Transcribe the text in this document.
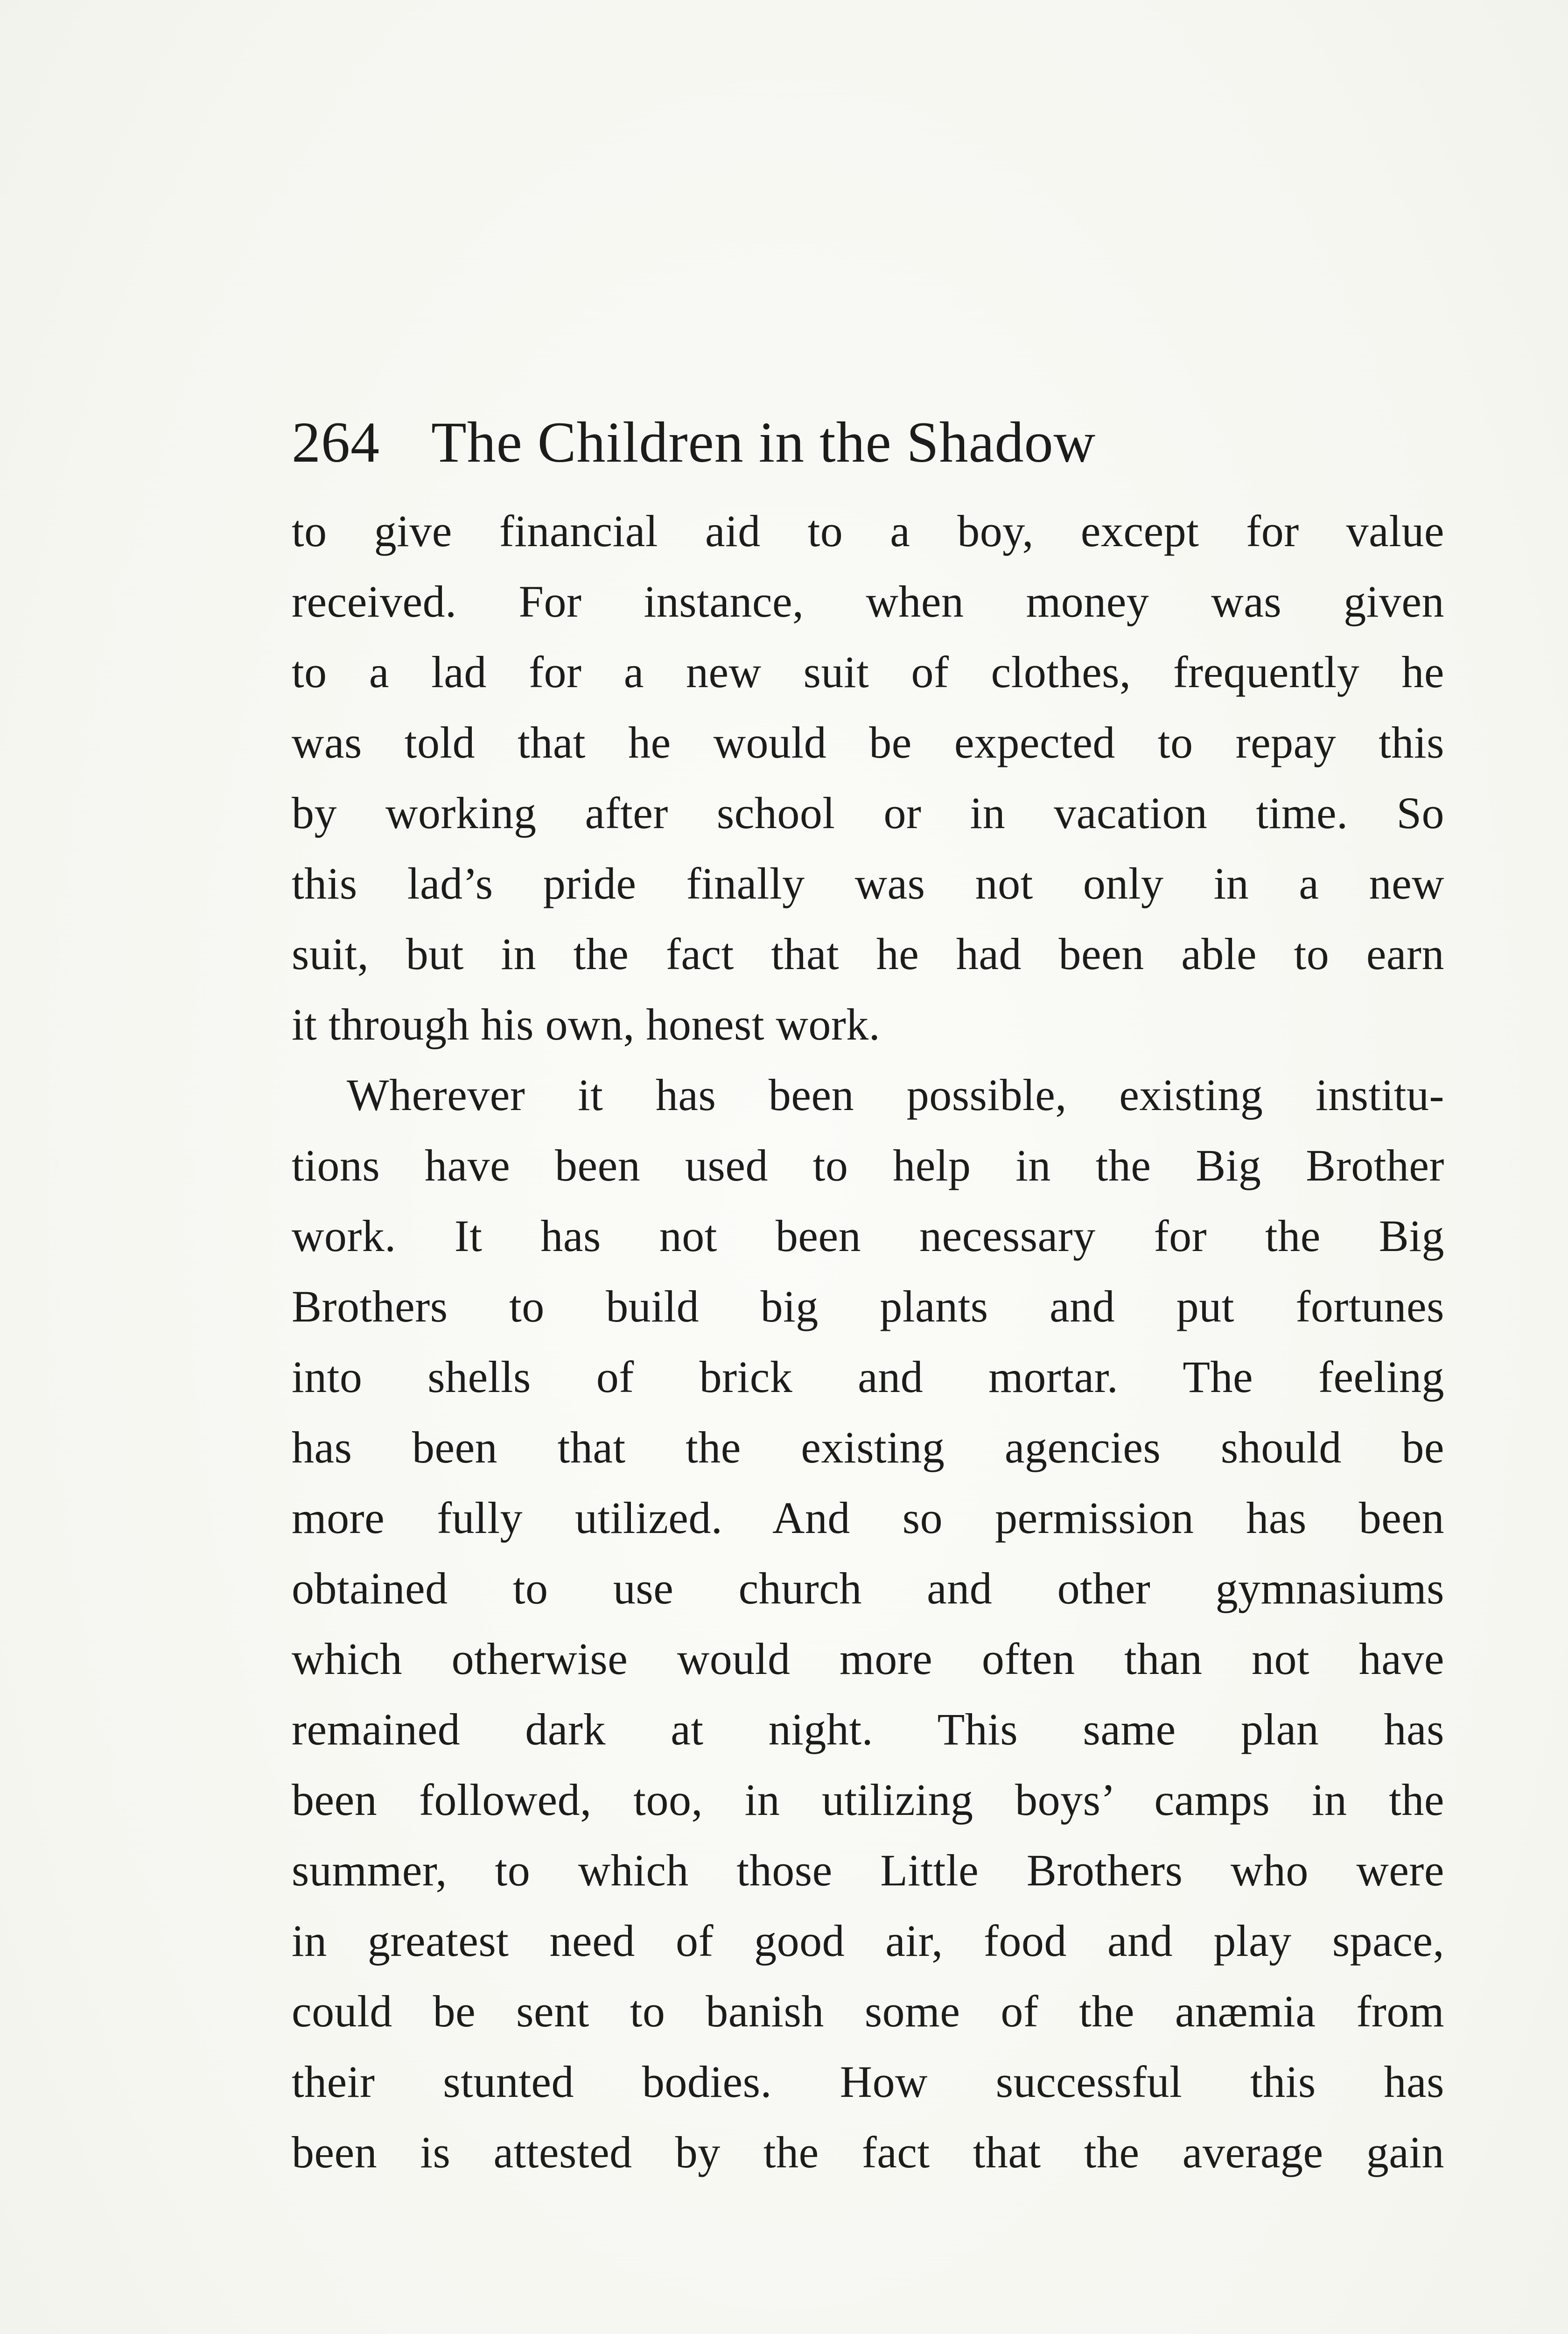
264 The Children in the Shadow
to give financial aid to a boy, except for value
received. For instance, when money was given
to a lad for a new suit of clothes, frequently he
was told that he would be expected to repay this
by working after school or in vacation time. So
this lad’s pride finally was not only in a new
suit, but in the fact that he had been able to earn
it through his own, honest work.
Wherever it has been possible, existing institu-
tions have been used to help in the Big Brother
work. It has not been necessary for the Big
Brothers to build big plants and put fortunes
into shells of brick and mortar. The feeling
has been that the existing agencies should be
more fully utilized. And so permission has been
obtained to use church and other gymnasiums
which otherwise would more often than not have
remained dark at night. This same plan has
been followed, too, in utilizing boys’ camps in the
summer, to which those Little Brothers who were
in greatest need of good air, food and play space,
could be sent to banish some of the anæmia from
their stunted bodies. How successful this has
been is attested by the fact that the average gain
